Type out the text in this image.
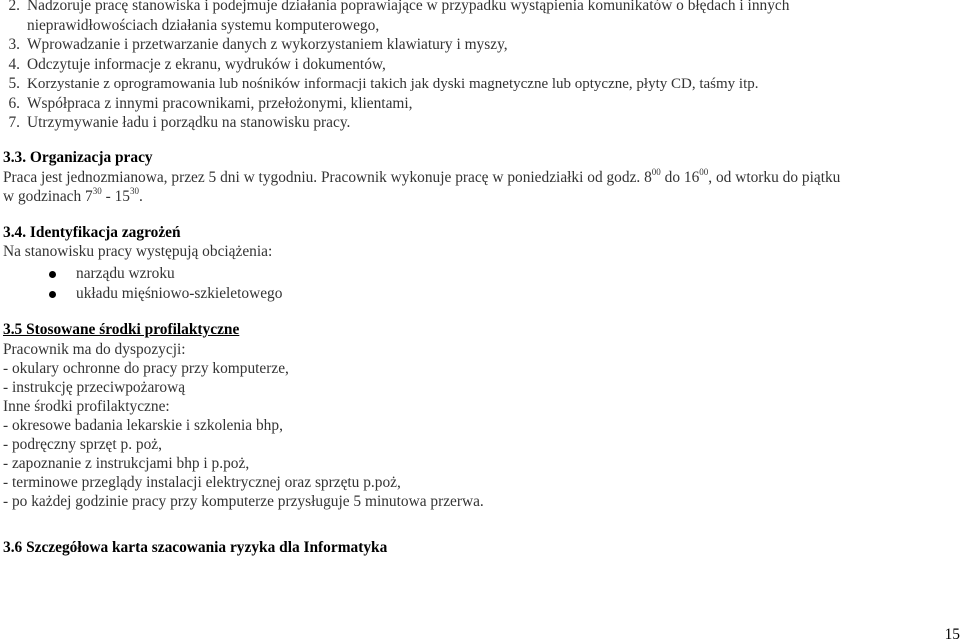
2. Nadzoruje pracę stanowiska i podejmuje działania poprawiające w przypadku wystąpienia komunikatów o błędach i innych
nieprawidłowościach działania systemu komputerowego,
3. Wprowadzanie i przetwarzanie danych z wykorzystaniem klawiatury i myszy,
4. Odczytuje informacje z ekranu, wydruków i dokumentów,
5. Korzystanie z oprogramowania lub nośników informacji takich jak dyski magnetyczne lub optyczne, płyty CD, taśmy itp.
6. Współpraca z innymi pracownikami, przełożonymi, klientami,
7. Utrzymywanie ładu i porządku na stanowisku pracy.
3.3. Organizacja pracy
Praca jest jednozmianowa, przez 5 dni w tygodniu. Pracownik wykonuje pracę w poniedziałki od godz. $8^{00}$ do $16^{00}$, od wtorku do piątku
w godzinach $7^{30} - 15^{30}$.
3.4. Identyfikacja zagrożeń
Na stanowisku pracy występują obciążenia:
narządu wzroku
układu mięśniowo-szkieletowego
3.5 Stosowane środki profilaktyczne
Pracownik ma do dyspozycji:
- okulary ochronne do pracy przy komputerze,
- instrukcję przeciwpożarową
Inne środki profilaktyczne:
- okresowe badania lekarskie i szkolenia bhp,
- podręczny sprzęt p. poż,
- zapoznanie z instrukcjami bhp i p.poż,
- terminowe przeglądy instalacji elektrycznej oraz sprzętu p.poż,
- po każdej godzinie pracy przy komputerze przysługuje 5 minutowa przerwa.
3.6 Szczegółowa karta szacowania ryzyka dla Informatyka
15
